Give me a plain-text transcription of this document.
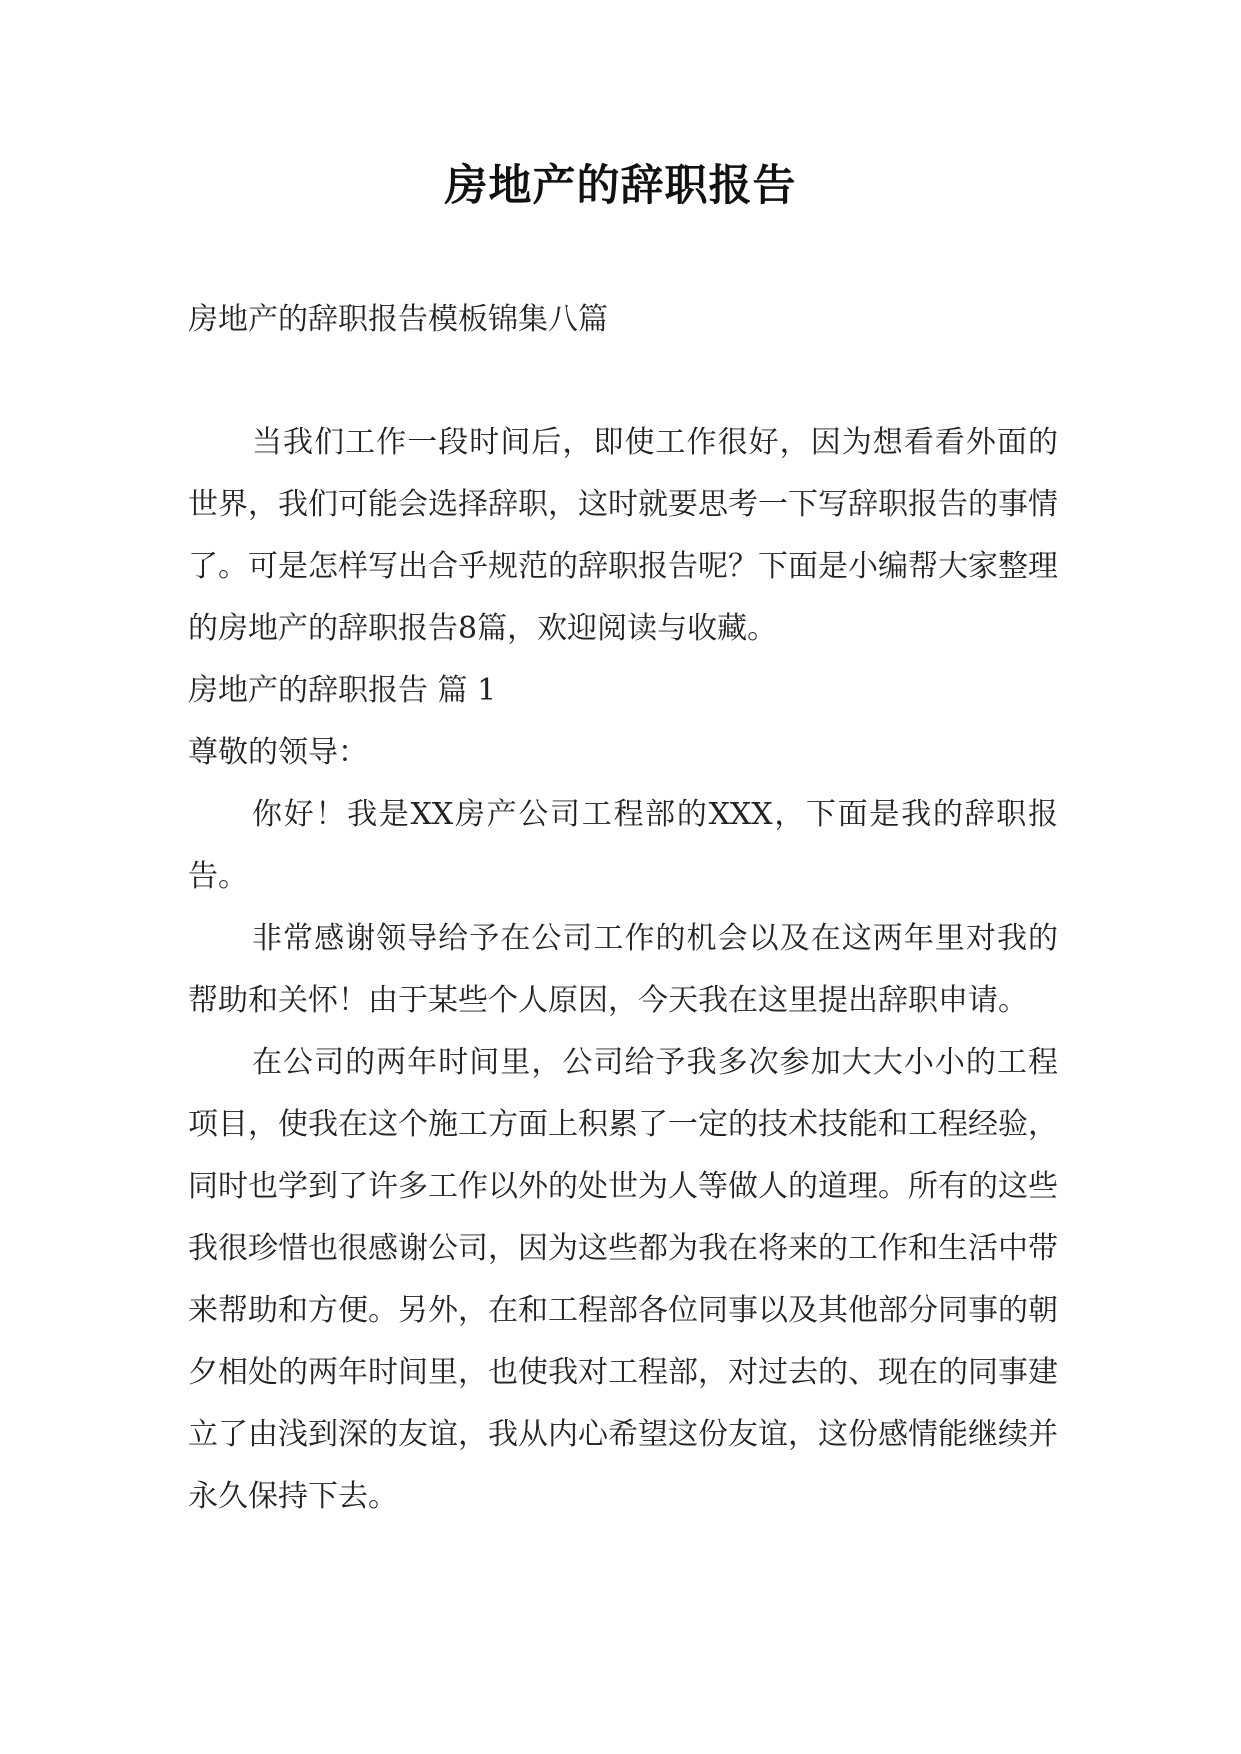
房地产的辞职报告
房地产的辞职报告模板锦集八篇

当我们工作一段时间后，即使工作很好，因为想看看外面的世界，我们可能会选择辞职，这时就要思考一下写辞职报告的事情了。可是怎样写出合乎规范的辞职报告呢？下面是小编帮大家整理的房地产的辞职报告8篇，欢迎阅读与收藏。

房地产的辞职报告 篇 1

尊敬的领导：

你好！我是XX房产公司工程部的XXX，下面是我的辞职报告。

非常感谢领导给予在公司工作的机会以及在这两年里对我的帮助和关怀！由于某些个人原因，今天我在这里提出辞职申请。

在公司的两年时间里，公司给予我多次参加大大小小的工程项目，使我在这个施工方面上积累了一定的技术技能和工程经验，同时也学到了许多工作以外的处世为人等做人的道理。所有的这些我很珍惜也很感谢公司，因为这些都为我在将来的工作和生活中带来帮助和方便。另外，在和工程部各位同事以及其他部分同事的朝夕相处的两年时间里，也使我对工程部，对过去的、现在的同事建立了由浅到深的友谊，我从内心希望这份友谊，这份感情能继续并永久保持下去。
